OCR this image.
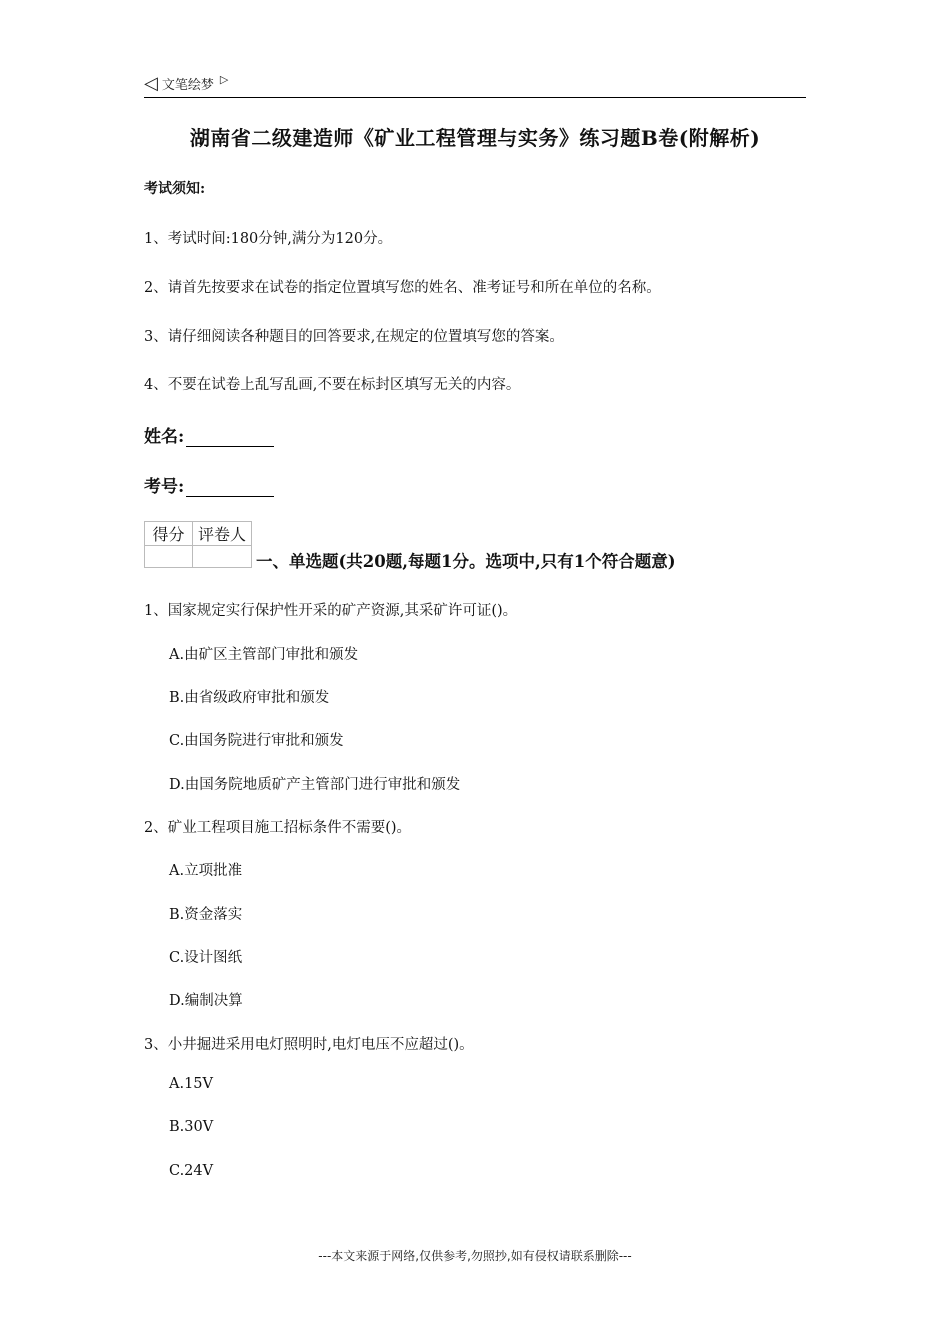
◁ 文笔绘梦 ▷
湖南省二级建造师《矿业工程管理与实务》练习题B卷(附解析)
考试须知:
1、考试时间:180分钟,满分为120分。
2、请首先按要求在试卷的指定位置填写您的姓名、准考证号和所在单位的名称。
3、请仔细阅读各种题目的回答要求,在规定的位置填写您的答案。
4、不要在试卷上乱写乱画,不要在标封区填写无关的内容。
姓名:
考号:
得分	评卷人

一、单选题(共20题,每题1分。选项中,只有1个符合题意)
1、国家规定实行保护性开采的矿产资源,其采矿许可证()。
A.由矿区主管部门审批和颁发
B.由省级政府审批和颁发
C.由国务院进行审批和颁发
D.由国务院地质矿产主管部门进行审批和颁发
2、矿业工程项目施工招标条件不需要()。
A.立项批准
B.资金落实
C.设计图纸
D.编制决算
3、小井掘进采用电灯照明时,电灯电压不应超过()。
A.15V
B.30V
C.24V
---本文来源于网络,仅供参考,勿照抄,如有侵权请联系删除---
